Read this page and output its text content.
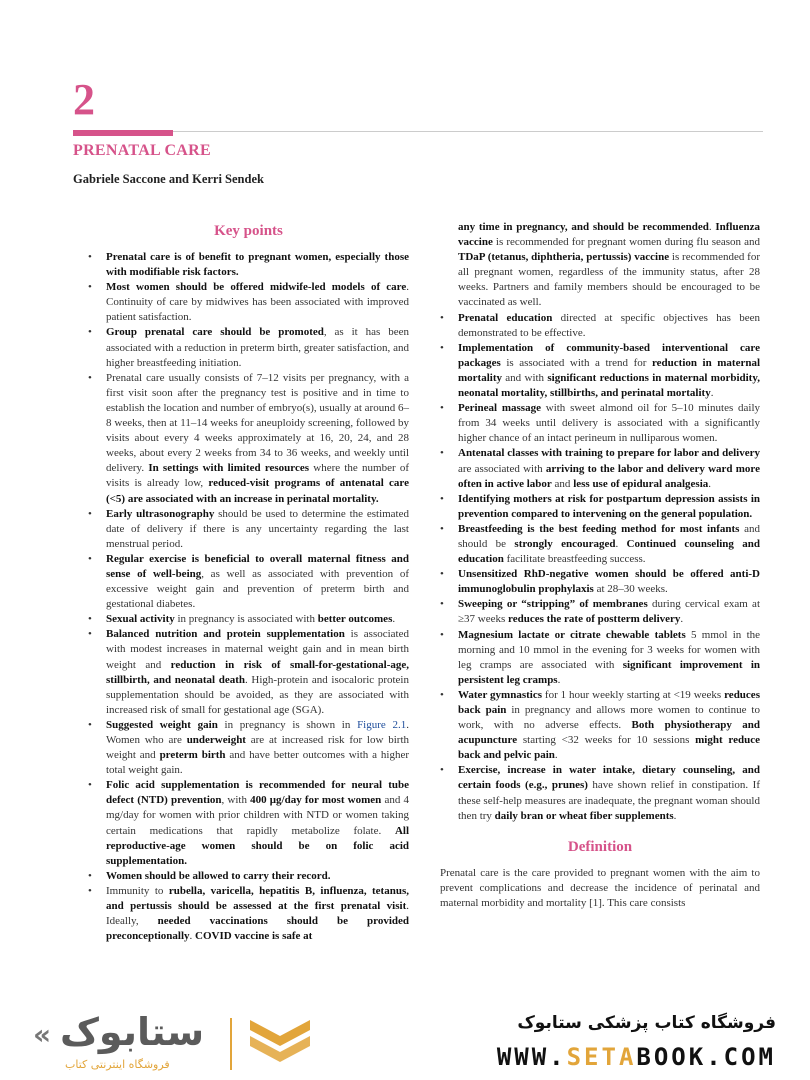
2
PRENATAL CARE
Gabriele Saccone and Kerri Sendek
Key points
• Prenatal care is of benefit to pregnant women, especially those with modifiable risk factors.
• Most women should be offered midwife-led models of care. Continuity of care by midwives has been associated with improved patient satisfaction.
• Group prenatal care should be promoted, as it has been associated with a reduction in preterm birth, greater satisfaction, and higher breastfeeding initiation.
• Prenatal care usually consists of 7–12 visits per pregnancy, with a first visit soon after the pregnancy test is positive and in time to establish the location and number of embryo(s), usually at around 6–8 weeks, then at 11–14 weeks for aneuploidy screening, followed by visits about every 4 weeks approximately at 16, 20, 24, and 28 weeks, about every 2 weeks from 34 to 36 weeks, and weekly until delivery. In settings with limited resources where the number of visits is already low, reduced-visit programs of antenatal care (<5) are associated with an increase in perinatal mortality.
• Early ultrasonography should be used to determine the estimated date of delivery if there is any uncertainty regarding the last menstrual period.
• Regular exercise is beneficial to overall maternal fitness and sense of well-being, as well as associated with prevention of excessive weight gain and prevention of preterm birth and gestational diabetes.
• Sexual activity in pregnancy is associated with better outcomes.
• Balanced nutrition and protein supplementation is associated with modest increases in maternal weight gain and in mean birth weight and reduction in risk of small-for-gestational-age, stillbirth, and neonatal death. High-protein and isocaloric protein supplementation should be avoided, as they are associated with increased risk of small for gestational age (SGA).
• Suggested weight gain in pregnancy is shown in Figure 2.1. Women who are underweight are at increased risk for low birth weight and preterm birth and have better outcomes with a higher total weight gain.
• Folic acid supplementation is recommended for neural tube defect (NTD) prevention, with 400 μg/day for most women and 4 mg/day for women with prior children with NTD or women taking certain medications that rapidly metabolize folate. All reproductive-age women should be on folic acid supplementation.
• Women should be allowed to carry their record.
• Immunity to rubella, varicella, hepatitis B, influenza, tetanus, and pertussis should be assessed at the first prenatal visit. Ideally, needed vaccinations should be provided preconceptionally. COVID vaccine is safe at

any time in pregnancy, and should be recommended. Influenza vaccine is recommended for pregnant women during flu season and TDaP (tetanus, diphtheria, pertussis) vaccine is recommended for all pregnant women, regardless of the immunity status, after 28 weeks. Partners and family members should be encouraged to be vaccinated as well.

• Prenatal education directed at specific objectives has been demonstrated to be effective.
• Implementation of community-based interventional care packages is associated with a trend for reduction in maternal mortality and with significant reductions in maternal morbidity, neonatal mortality, stillbirths, and perinatal mortality.
• Perineal massage with sweet almond oil for 5–10 minutes daily from 34 weeks until delivery is associated with a significantly higher chance of an intact perineum in nulliparous women.
• Antenatal classes with training to prepare for labor and delivery are associated with arriving to the labor and delivery ward more often in active labor and less use of epidural analgesia.
• Identifying mothers at risk for postpartum depression assists in prevention compared to intervening on the general population.
• Breastfeeding is the best feeding method for most infants and should be strongly encouraged. Continued counseling and education facilitate breastfeeding success.
• Unsensitized RhD-negative women should be offered anti-D immunoglobulin prophylaxis at 28–30 weeks.
• Sweeping or “stripping” of membranes during cervical exam at ≥37 weeks reduces the rate of postterm delivery.
• Magnesium lactate or citrate chewable tablets 5 mmol in the morning and 10 mmol in the evening for 3 weeks for women with leg cramps are associated with significant improvement in persistent leg cramps.
• Water gymnastics for 1 hour weekly starting at <19 weeks reduces back pain in pregnancy and allows more women to continue to work, with no adverse effects. Both physiotherapy and acupuncture starting <32 weeks for 10 sessions might reduce back and pelvic pain.
• Exercise, increase in water intake, dietary counseling, and certain foods (e.g., prunes) have shown relief in constipation. If these self-help measures are inadequate, the pregnant woman should then try daily bran or wheat fiber supplements.
Definition

Prenatal care is the care provided to pregnant women with the aim to prevent complications and decrease the incidence of perinatal and maternal morbidity and mortality [1]. This care consists

« ستابوک
فروشگاه اینترنتی کتاب
فروشگاه کتاب پزشکی ستابوک
WWW.SETABOOK.COM
